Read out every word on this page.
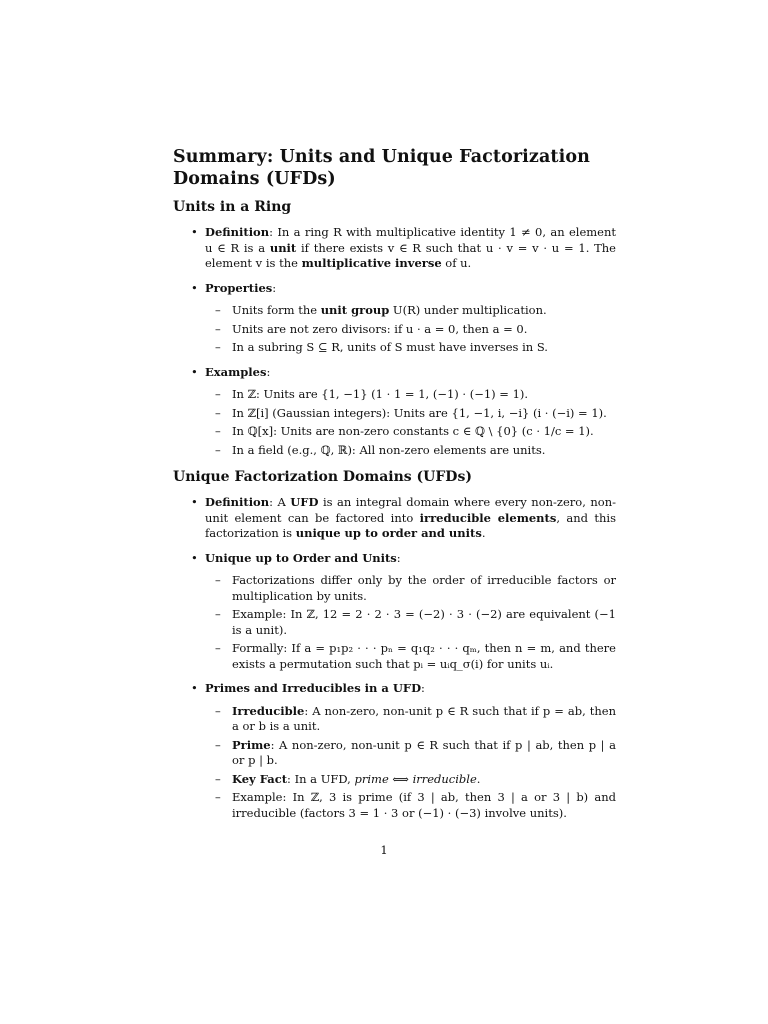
Summary: Units and Unique Factorization Domains (UFDs)
Units in a Ring
• Definition: In a ring R with multiplicative identity 1 ≠ 0, an element u ∈ R is a unit if there exists v ∈ R such that u · v = v · u = 1. The element v is the multiplicative inverse of u.
• Properties:
– Units form the unit group U(R) under multiplication.
– Units are not zero divisors: if u · a = 0, then a = 0.
– In a subring S ⊆ R, units of S must have inverses in S.
• Examples:
– In ℤ: Units are {1, −1} (1 · 1 = 1, (−1) · (−1) = 1).
– In ℤ[i] (Gaussian integers): Units are {1, −1, i, −i} (i · (−i) = 1).
– In ℚ[x]: Units are non-zero constants c ∈ ℚ \ {0} (c · 1/c = 1).
– In a field (e.g., ℚ, ℝ): All non-zero elements are units.
Unique Factorization Domains (UFDs)
• Definition: A UFD is an integral domain where every non-zero, non-unit element can be factored into irreducible elements, and this factorization is unique up to order and units.
• Unique up to Order and Units:
– Factorizations differ only by the order of irreducible factors or multiplication by units.
– Example: In ℤ, 12 = 2 · 2 · 3 = (−2) · 3 · (−2) are equivalent (−1 is a unit).
– Formally: If a = p₁p₂ · · · pₙ = q₁q₂ · · · qₘ, then n = m, and there exists a permutation such that pᵢ = uᵢq_σ(i) for units uᵢ.
• Primes and Irreducibles in a UFD:
– Irreducible: A non-zero, non-unit p ∈ R such that if p = ab, then a or b is a unit.
– Prime: A non-zero, non-unit p ∈ R such that if p | ab, then p | a or p | b.
– Key Fact: In a UFD, prime ⟺ irreducible.
– Example: In ℤ, 3 is prime (if 3 | ab, then 3 | a or 3 | b) and irreducible (factors 3 = 1 · 3 or (−1) · (−3) involve units).
1
